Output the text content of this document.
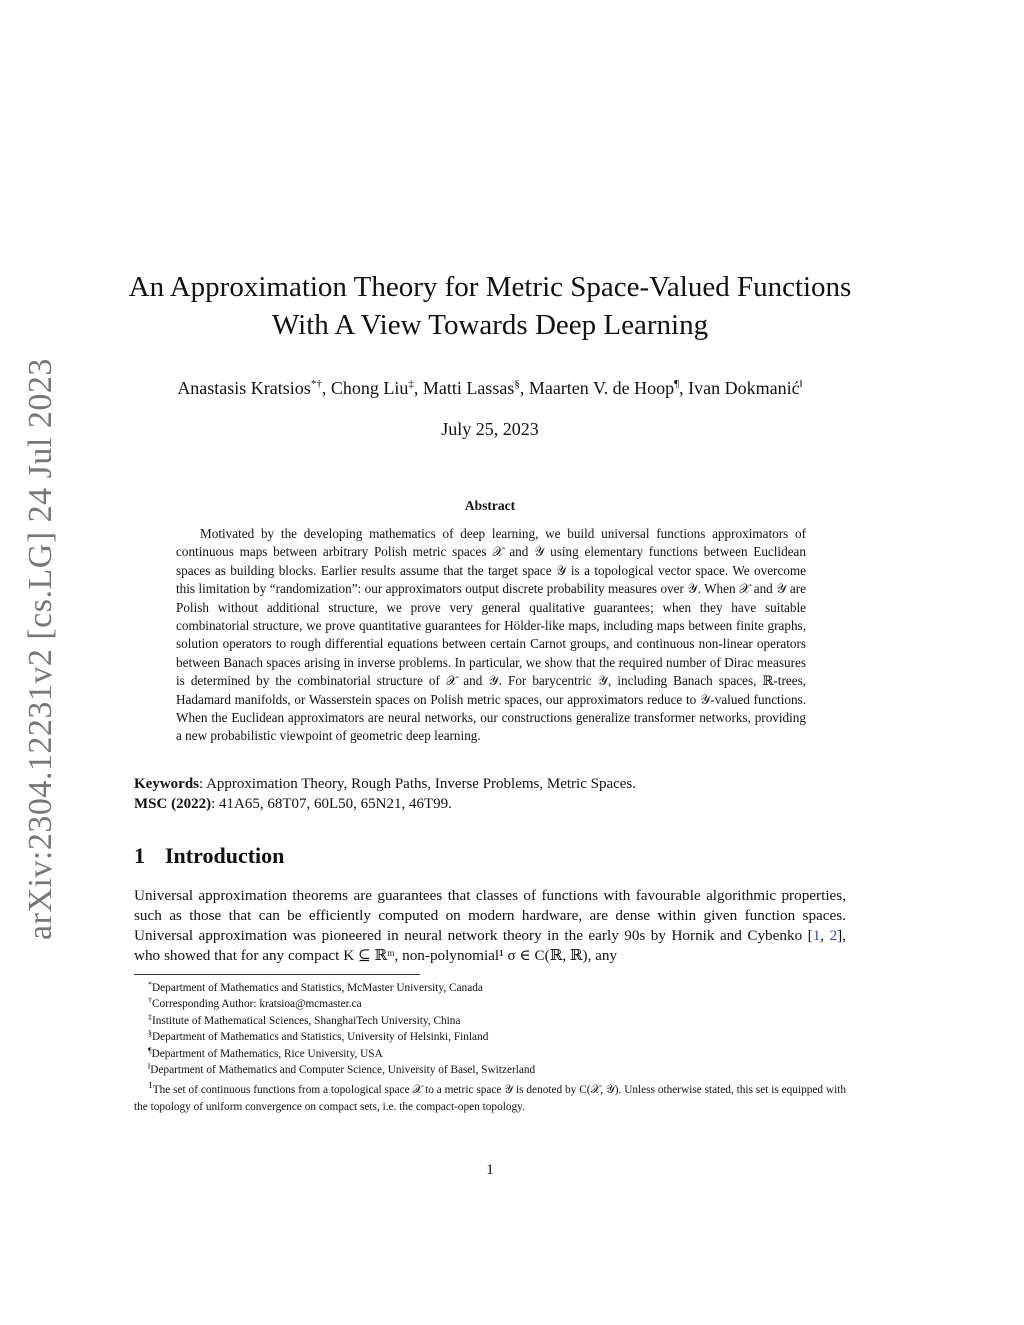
arXiv:2304.12231v2 [cs.LG] 24 Jul 2023
An Approximation Theory for Metric Space-Valued Functions
With A View Towards Deep Learning
Anastasis Kratsios*†, Chong Liu‡, Matti Lassas§, Maarten V. de Hoop¶, Ivan Dokmanić‖
July 25, 2023
Abstract
Motivated by the developing mathematics of deep learning, we build universal functions approximators of continuous maps between arbitrary Polish metric spaces 𝒳 and 𝒴 using elementary functions between Euclidean spaces as building blocks. Earlier results assume that the target space 𝒴 is a topological vector space. We overcome this limitation by “randomization”: our approximators output discrete probability measures over 𝒴. When 𝒳 and 𝒴 are Polish without additional structure, we prove very general qualitative guarantees; when they have suitable combinatorial structure, we prove quantitative guarantees for Hölder-like maps, including maps between finite graphs, solution operators to rough differential equations between certain Carnot groups, and continuous non-linear operators between Banach spaces arising in inverse problems. In particular, we show that the required number of Dirac measures is determined by the combinatorial structure of 𝒳 and 𝒴. For barycentric 𝒴, including Banach spaces, ℝ-trees, Hadamard manifolds, or Wasserstein spaces on Polish metric spaces, our approximators reduce to 𝒴-valued functions. When the Euclidean approximators are neural networks, our constructions generalize transformer networks, providing a new probabilistic viewpoint of geometric deep learning.
Keywords: Approximation Theory, Rough Paths, Inverse Problems, Metric Spaces.
MSC (2022): 41A65, 68T07, 60L50, 65N21, 46T99.
1 Introduction
Universal approximation theorems are guarantees that classes of functions with favourable algorithmic properties, such as those that can be efficiently computed on modern hardware, are dense within given function spaces. Universal approximation was pioneered in neural network theory in the early 90s by Hornik and Cybenko [1, 2], who showed that for any compact K ⊆ ℝᵐ, non-polynomial¹ σ ∈ C(ℝ, ℝ), any
*Department of Mathematics and Statistics, McMaster University, Canada
†Corresponding Author: kratsioa@mcmaster.ca
‡Institute of Mathematical Sciences, ShanghaiTech University, China
§Department of Mathematics and Statistics, University of Helsinki, Finland
¶Department of Mathematics, Rice University, USA
‖Department of Mathematics and Computer Science, University of Basel, Switzerland
$^1$The set of continuous functions from a topological space 𝒳 to a metric space 𝒴 is denoted by C(𝒳, 𝒴). Unless otherwise stated, this set is equipped with the topology of uniform convergence on compact sets, i.e. the compact-open topology.
1
